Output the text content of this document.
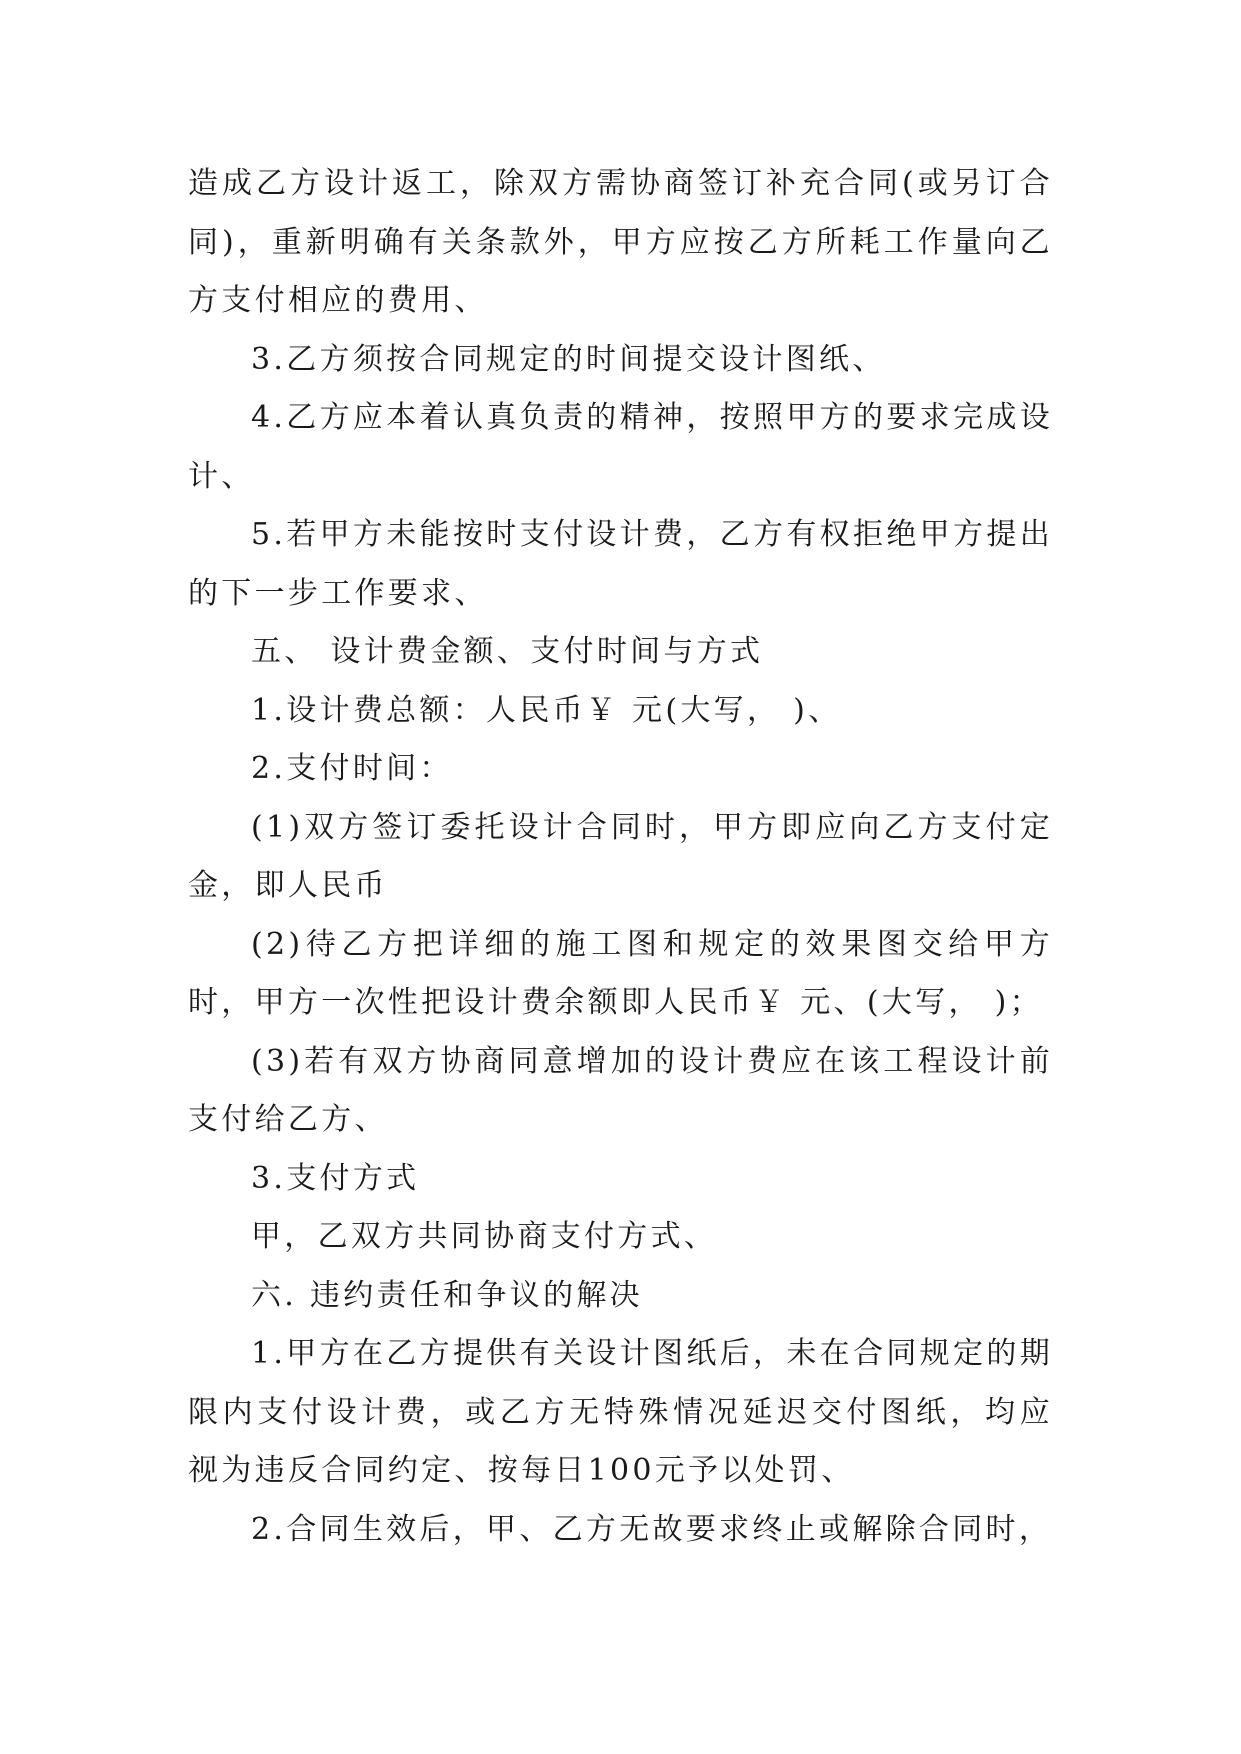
造成乙方设计返工，除双方需协商签订补充合同(或另订合同)，重新明确有关条款外，甲方应按乙方所耗工作量向乙方支付相应的费用、

3.乙方须按合同规定的时间提交设计图纸、

4.乙方应本着认真负责的精神，按照甲方的要求完成设计、

5.若甲方未能按时支付设计费，乙方有权拒绝甲方提出的下一步工作要求、

五、 设计费金额、支付时间与方式

1.设计费总额：人民币￥ 元(大写， )、

2.支付时间：

(1)双方签订委托设计合同时，甲方即应向乙方支付定金，即人民币

(2)待乙方把详细的施工图和规定的效果图交给甲方时，甲方一次性把设计费余额即人民币￥ 元、(大写， )；

(3)若有双方协商同意增加的设计费应在该工程设计前支付给乙方、

3.支付方式

甲，乙双方共同协商支付方式、

六. 违约责任和争议的解决

1.甲方在乙方提供有关设计图纸后，未在合同规定的期限内支付设计费，或乙方无特殊情况延迟交付图纸，均应视为违反合同约定、按每日100元予以处罚、

2.合同生效后，甲、乙方无故要求终止或解除合同时，
